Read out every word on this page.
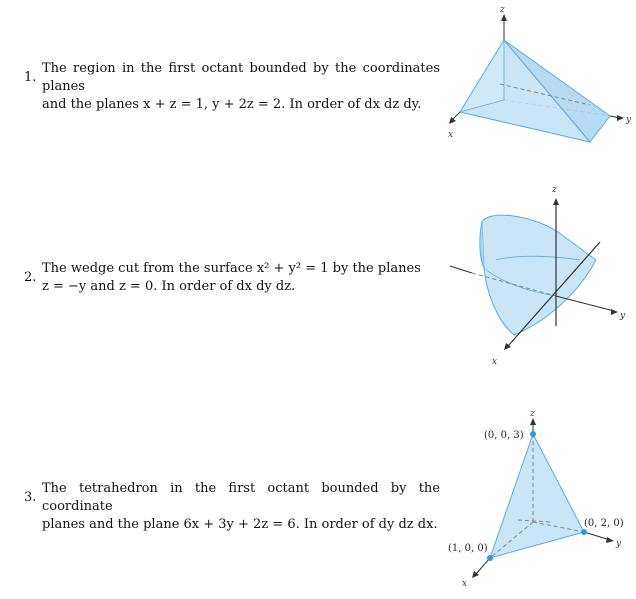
1.
The region in the first octant bounded by the coordinates planes
and the planes x + z = 1, y + 2z = 2. In order of dx dz dy.
z
y
x
2.
The wedge cut from the surface x² + y² = 1 by the planes
z = −y and z = 0. In order of dx dy dz.
z
y
x
3.
The tetrahedron in the first octant bounded by the coordinate
planes and the plane 6x + 3y + 2z = 6. In order of dy dz dx.
z
y
x
(0, 0, 3)
(0, 2, 0)
(1, 0, 0)
